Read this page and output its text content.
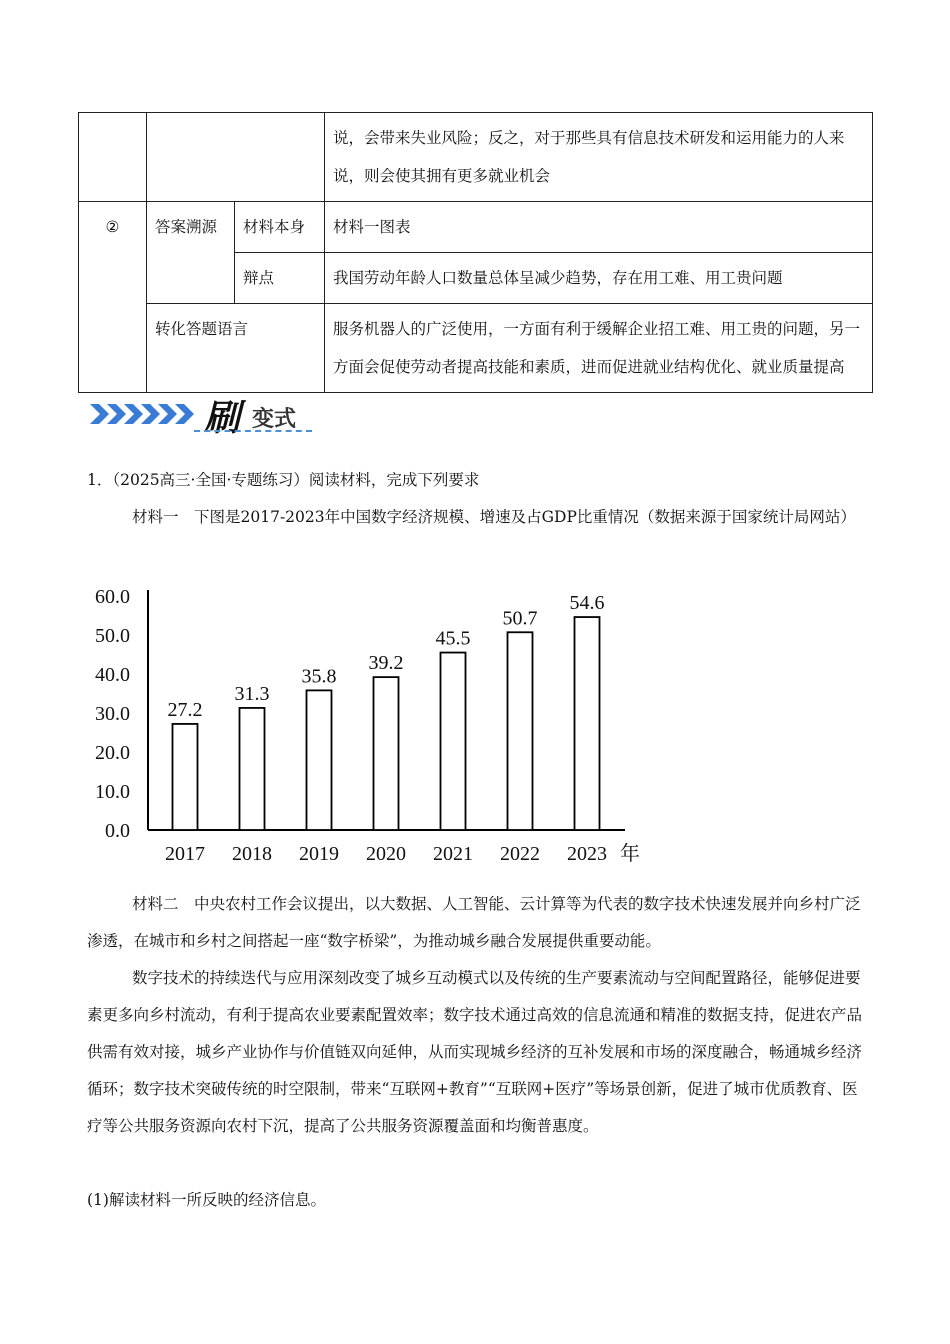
			说，会带来失业风险；反之，对于那些具有信息技术研发和运用能力的人来说，则会使其拥有更多就业机会
②	答案溯源	材料本身	材料一图表
		辩点	我国劳动年龄人口数量总体呈减少趋势，存在用工难、用工贵问题
	转化答题语言		服务机器人的广泛使用，一方面有利于缓解企业招工难、用工贵的问题，另一方面会促使劳动者提高技能和素质，进而促进就业结构优化、就业质量提高
刷 变式

1．（2025高三·全国·专题练习）阅读材料，完成下列要求

材料一　下图是2017-2023年中国数字经济规模、增速及占GDP比重情况（数据来源于国家统计局网站）

0.0
10.0
20.0
30.0
40.0
50.0
60.0
27.2
2017
31.3
2018
35.8
2019
39.2
2020
45.5
2021
50.7
2022
54.6
2023 年

材料二　中央农村工作会议提出，以大数据、人工智能、云计算等为代表的数字技术快速发展并向乡村广泛渗透，在城市和乡村之间搭起一座“数字桥梁”，为推动城乡融合发展提供重要动能。

数字技术的持续迭代与应用深刻改变了城乡互动模式以及传统的生产要素流动与空间配置路径，能够促进要素更多向乡村流动，有利于提高农业要素配置效率；数字技术通过高效的信息流通和精准的数据支持，促进农产品供需有效对接，城乡产业协作与价值链双向延伸，从而实现城乡经济的互补发展和市场的深度融合，畅通城乡经济循环；数字技术突破传统的时空限制，带来“互联网+教育”“互联网+医疗”等场景创新，促进了城市优质教育、医疗等公共服务资源向农村下沉，提高了公共服务资源覆盖面和均衡普惠度。

(1)解读材料一所反映的经济信息。
